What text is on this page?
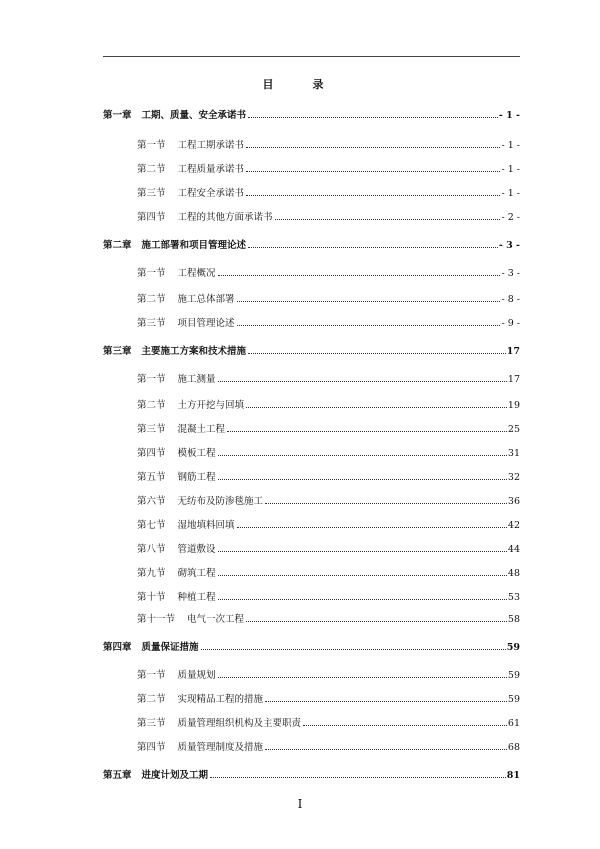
目　录
第一章 工期、质量、安全承诺书	- 1 -
第一节 工程工期承诺书	- 1 -
第二节 工程质量承诺书	- 1 -
第三节 工程安全承诺书	- 1 -
第四节 工程的其他方面承诺书	- 2 -
第二章 施工部署和项目管理论述	- 3 -
第一节 工程概况	- 3 -
第二节 施工总体部署	- 8 -
第三节 项目管理论述	- 9 -
第三章 主要施工方案和技术措施	17
第一节 施工测量	17
第二节 土方开挖与回填	19
第三节 混凝土工程	25
第四节 模板工程	31
第五节 钢筋工程	32
第六节 无纺布及防渗毯施工	36
第七节 湿地填料回填	42
第八节 管道敷设	44
第九节 砌筑工程	48
第十节 种植工程	53
第十一节 电气一次工程	58
第四章 质量保证措施	59
第一节 质量规划	59
第二节 实现精品工程的措施	59
第三节 质量管理组织机构及主要职责	61
第四节 质量管理制度及措施	68
第五章 进度计划及工期	81
I
